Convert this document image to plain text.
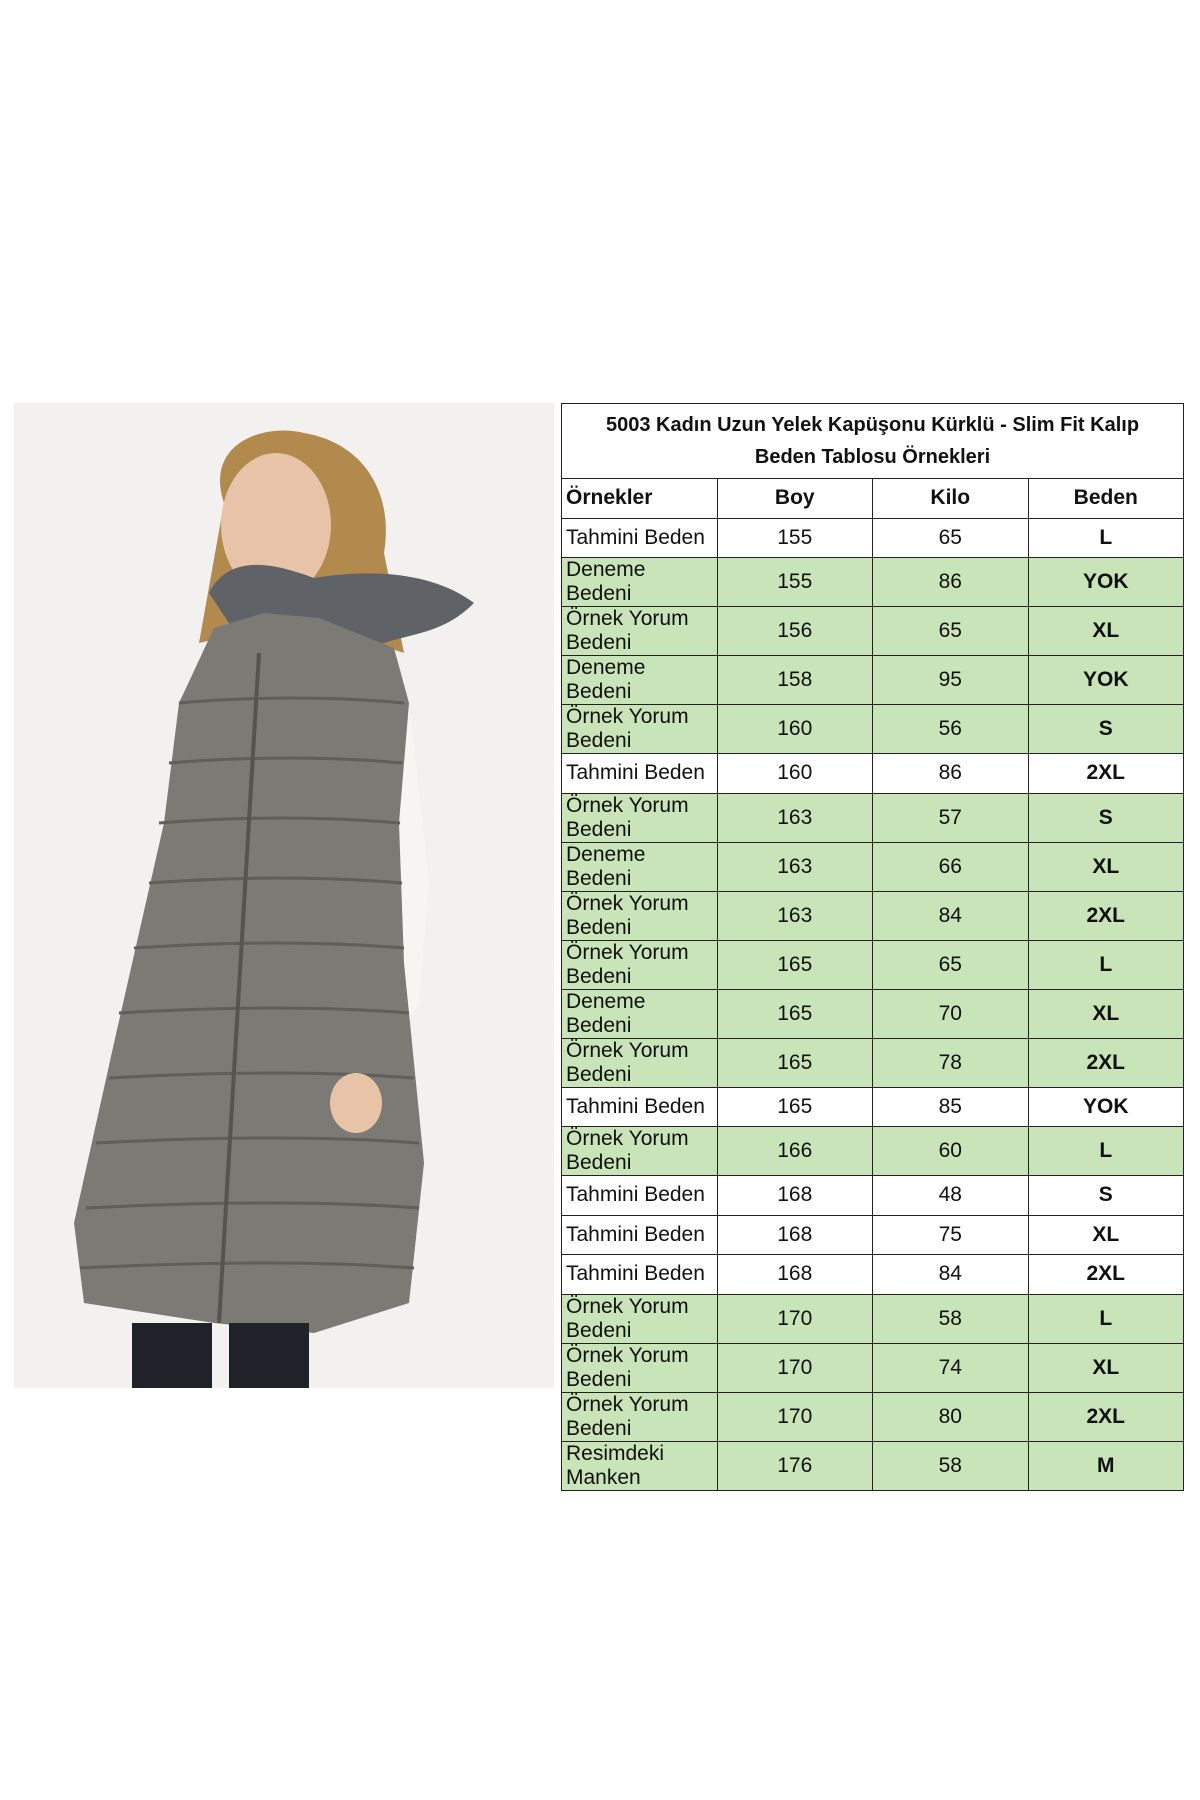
5003 Kadın Uzun Yelek Kapüşonu Kürklü - Slim Fit Kalıp
Beden Tablosu Örnekleri			

Örnekler	Boy	Kilo	Beden
Tahmini Beden	155	65	L
Deneme Bedeni	155	86	YOK
Örnek Yorum Bedeni	156	65	XL
Deneme Bedeni	158	95	YOK
Örnek Yorum Bedeni	160	56	S
Tahmini Beden	160	86	2XL
Örnek Yorum Bedeni	163	57	S
Deneme Bedeni	163	66	XL
Örnek Yorum Bedeni	163	84	2XL
Örnek Yorum Bedeni	165	65	L
Deneme Bedeni	165	70	XL
Örnek Yorum Bedeni	165	78	2XL
Tahmini Beden	165	85	YOK
Örnek Yorum Bedeni	166	60	L
Tahmini Beden	168	48	S
Tahmini Beden	168	75	XL
Tahmini Beden	168	84	2XL
Örnek Yorum Bedeni	170	58	L
Örnek Yorum Bedeni	170	74	XL
Örnek Yorum Bedeni	170	80	2XL
Resimdeki Manken	176	58	M
